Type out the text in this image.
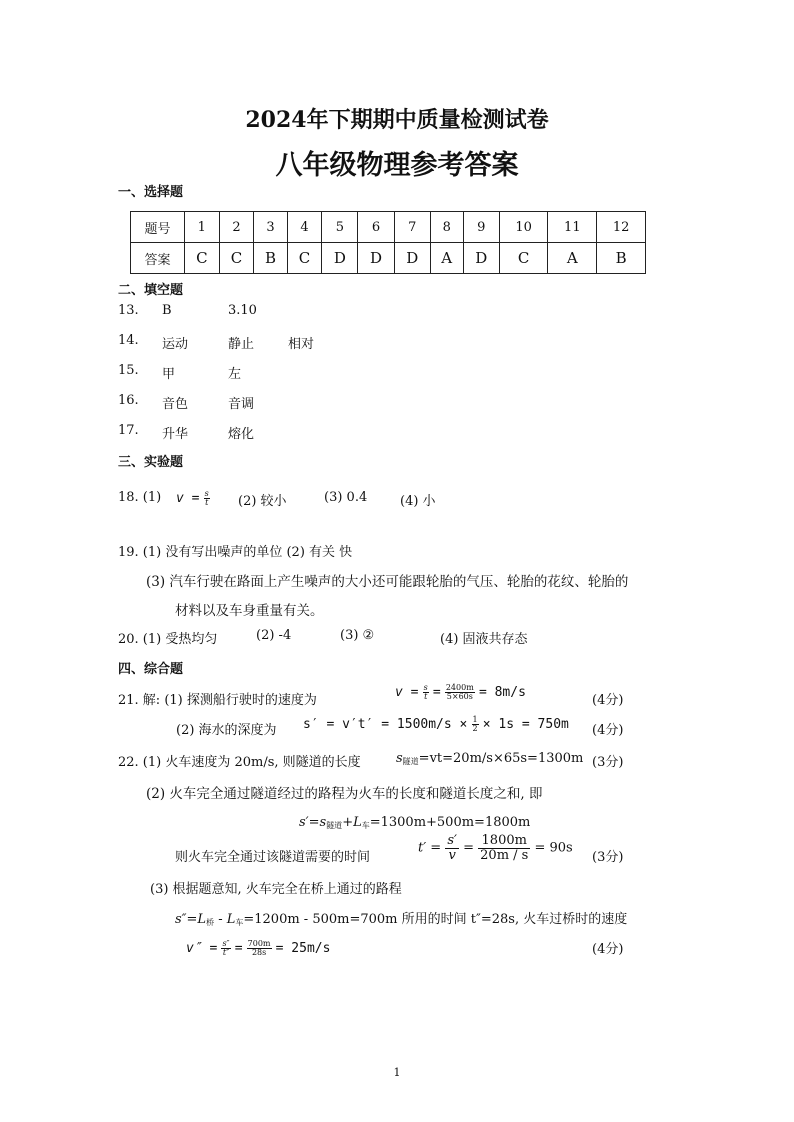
2024年下期期中质量检测试卷
八年级物理参考答案
一、选择题
题号	1	2	3	4	5	6	7	8	9	10	11	12
答案	C	C	B	C	D	D	D	A	D	C	A	B
二、填空题
13. B	3.10
14. 运动	静止	相对
15. 甲	左
16. 音色	音调
17. 升华	熔化
三、实验题
18. (1) $v = \frac{s}{t} (2)$ 较小	(3) 0.4	(4) 小
19. (1) 没有写出噪声的单位 (2) 有关 快
(3) 汽车行驶在路面上产生噪声的大小还可能跟轮胎的气压、轮胎的花纹、轮胎的
材料以及车身重量有关。
20. (1) 受热均匀	(2) -4	(3) ②	(4) 固液共存态
四、综合题
21. 解: (1) 探测船行驶时的速度为
$v = \frac{s}{t} = \frac{2400m}{5\times 60s} = 8m/s$
(4分)
(2) 海水的深度为 $s' = v't' = 1500m/s \times \frac{1}{2} \times 1s = 750m$ (4分)
22. (1) 火车速度为 20m/s, 则隧道的长度	$s_{隧道}=vt=20m/s\times 65s=1300m$ (3分)
(2) 火车完全通过隧道经过的路程为火车的长度和隧道长度之和, 即
$s'=s_{隧道}+L_车=1300m+500m=1800m$
则火车完全通过该隧道需要的时间
$t' = \frac{s'}{v} = \frac{1800m}{20m / s} = 90s$
(3分)
(3) 根据题意知, 火车完全在桥上通过的路程
$s''=L_桥 - L_车=1200m - 500m=700m$ 所用的时间 t″=28s, 火车过桥时的速度
$v'' = \frac{s''}{t''} = \frac{700m}{28s} = 25m/s$	(4分)
1
